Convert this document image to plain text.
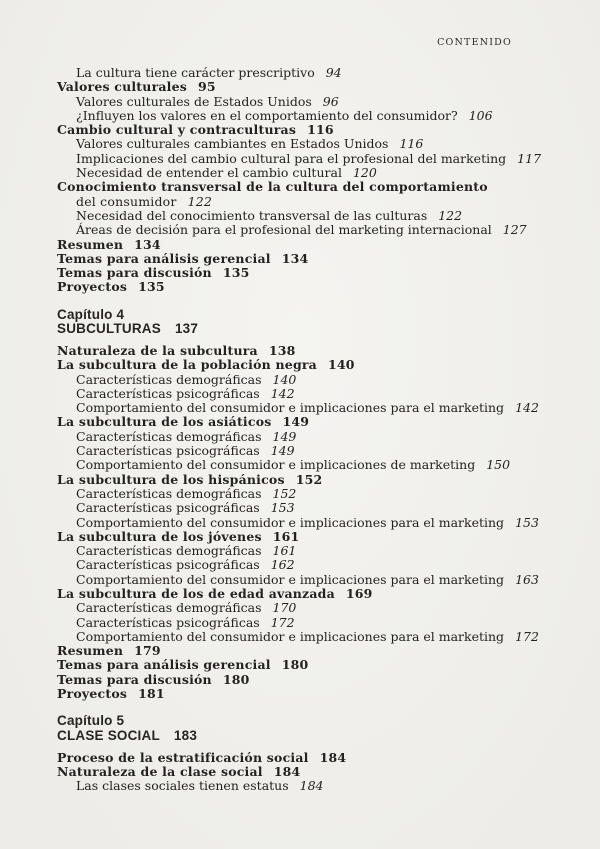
CONTENIDO
La cultura tiene carácter prescriptivo 94
Valores culturales 95
Valores culturales de Estados Unidos 96
¿Influyen los valores en el comportamiento del consumidor? 106
Cambio cultural y contraculturas 116
Valores culturales cambiantes en Estados Unidos 116
Implicaciones del cambio cultural para el profesional del marketing 117
Necesidad de entender el cambio cultural 120
Conocimiento transversal de la cultura del comportamiento
del consumidor 122
Necesidad del conocimiento transversal de las culturas 122
Áreas de decisión para el profesional del marketing internacional 127
Resumen 134
Temas para análisis gerencial 134
Temas para discusión 135
Proyectos 135
Capítulo 4
SUBCULTURAS 137
Naturaleza de la subcultura 138
La subcultura de la población negra 140
Características demográficas 140
Características psicográficas 142
Comportamiento del consumidor e implicaciones para el marketing 142
La subcultura de los asiáticos 149
Características demográficas 149
Características psicográficas 149
Comportamiento del consumidor e implicaciones de marketing 150
La subcultura de los hispánicos 152
Características demográficas 152
Características psicográficas 153
Comportamiento del consumidor e implicaciones para el marketing 153
La subcultura de los jóvenes 161
Características demográficas 161
Características psicográficas 162
Comportamiento del consumidor e implicaciones para el marketing 163
La subcultura de los de edad avanzada 169
Características demográficas 170
Características psicográficas 172
Comportamiento del consumidor e implicaciones para el marketing 172
Resumen 179
Temas para análisis gerencial 180
Temas para discusión 180
Proyectos 181
Capítulo 5
CLASE SOCIAL 183
Proceso de la estratificación social 184
Naturaleza de la clase social 184
Las clases sociales tienen estatus 184
